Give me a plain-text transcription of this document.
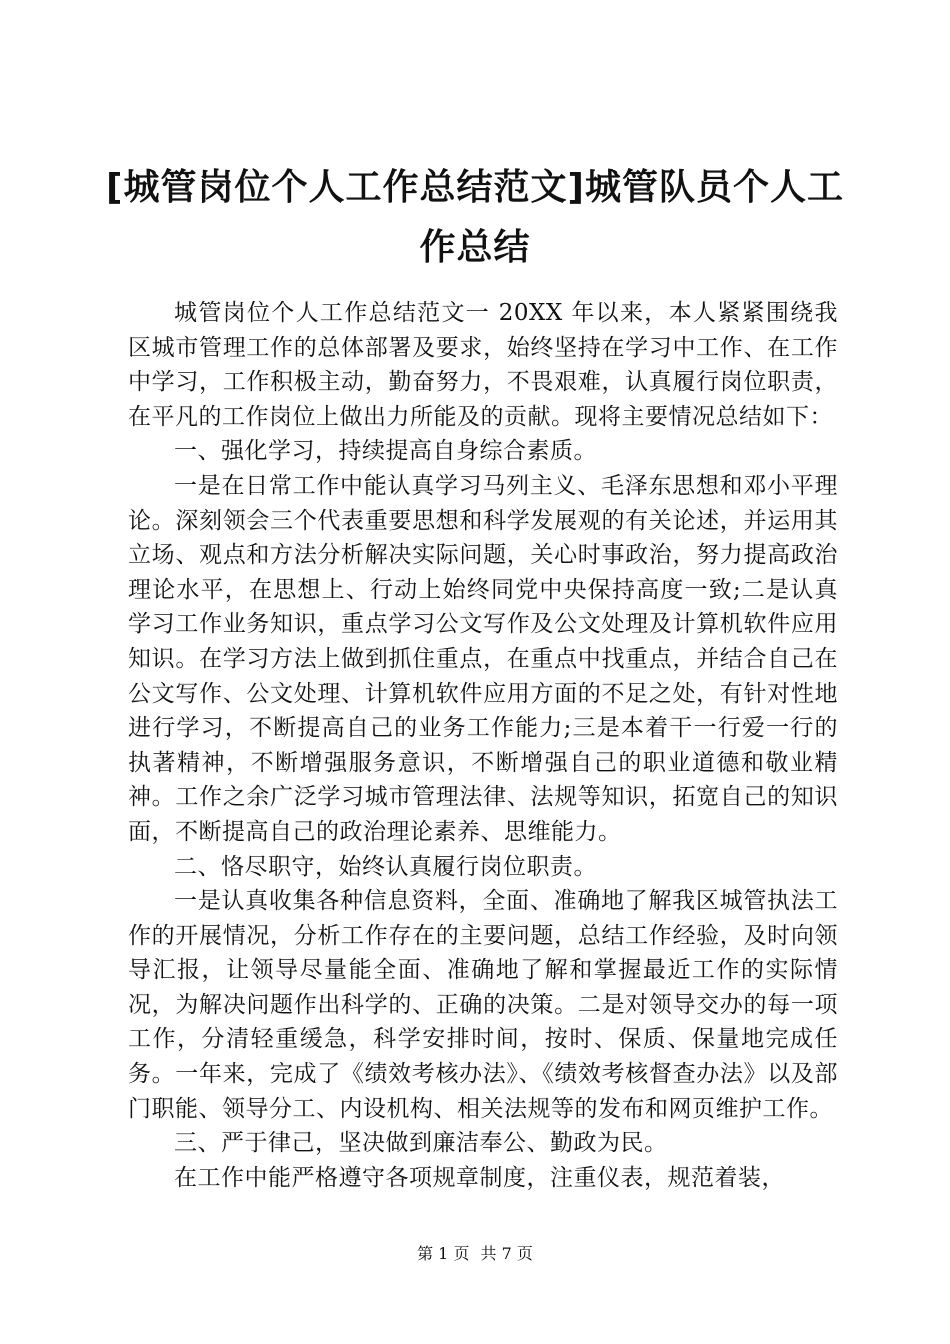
[城管岗位个人工作总结范文]城管队员个人工作总结

城管岗位个人工作总结范文一 20XX 年以来，本人紧紧围绕我区城市管理工作的总体部署及要求，始终坚持在学习中工作、在工作中学习，工作积极主动，勤奋努力，不畏艰难，认真履行岗位职责，在平凡的工作岗位上做出力所能及的贡献。现将主要情况总结如下：

一、强化学习，持续提高自身综合素质。

一是在日常工作中能认真学习马列主义、毛泽东思想和邓小平理论。深刻领会三个代表重要思想和科学发展观的有关论述，并运用其立场、观点和方法分析解决实际问题，关心时事政治，努力提高政治理论水平，在思想上、行动上始终同党中央保持高度一致;二是认真学习工作业务知识，重点学习公文写作及公文处理及计算机软件应用知识。在学习方法上做到抓住重点，在重点中找重点，并结合自己在公文写作、公文处理、计算机软件应用方面的不足之处，有针对性地进行学习，不断提高自己的业务工作能力;三是本着干一行爱一行的执著精神，不断增强服务意识，不断增强自己的职业道德和敬业精神。工作之余广泛学习城市管理法律、法规等知识，拓宽自己的知识面，不断提高自己的政治理论素养、思维能力。

二、恪尽职守，始终认真履行岗位职责。

一是认真收集各种信息资料，全面、准确地了解我区城管执法工作的开展情况，分析工作存在的主要问题，总结工作经验，及时向领导汇报，让领导尽量能全面、准确地了解和掌握最近工作的实际情况，为解决问题作出科学的、正确的决策。二是对领导交办的每一项工作，分清轻重缓急，科学安排时间，按时、保质、保量地完成任务。一年来，完成了《绩效考核办法》、《绩效考核督查办法》以及部门职能、领导分工、内设机构、相关法规等的发布和网页维护工作。

三、严于律己，坚决做到廉洁奉公、勤政为民。

在工作中能严格遵守各项规章制度，注重仪表，规范着装，

第 1 页 共 7 页
